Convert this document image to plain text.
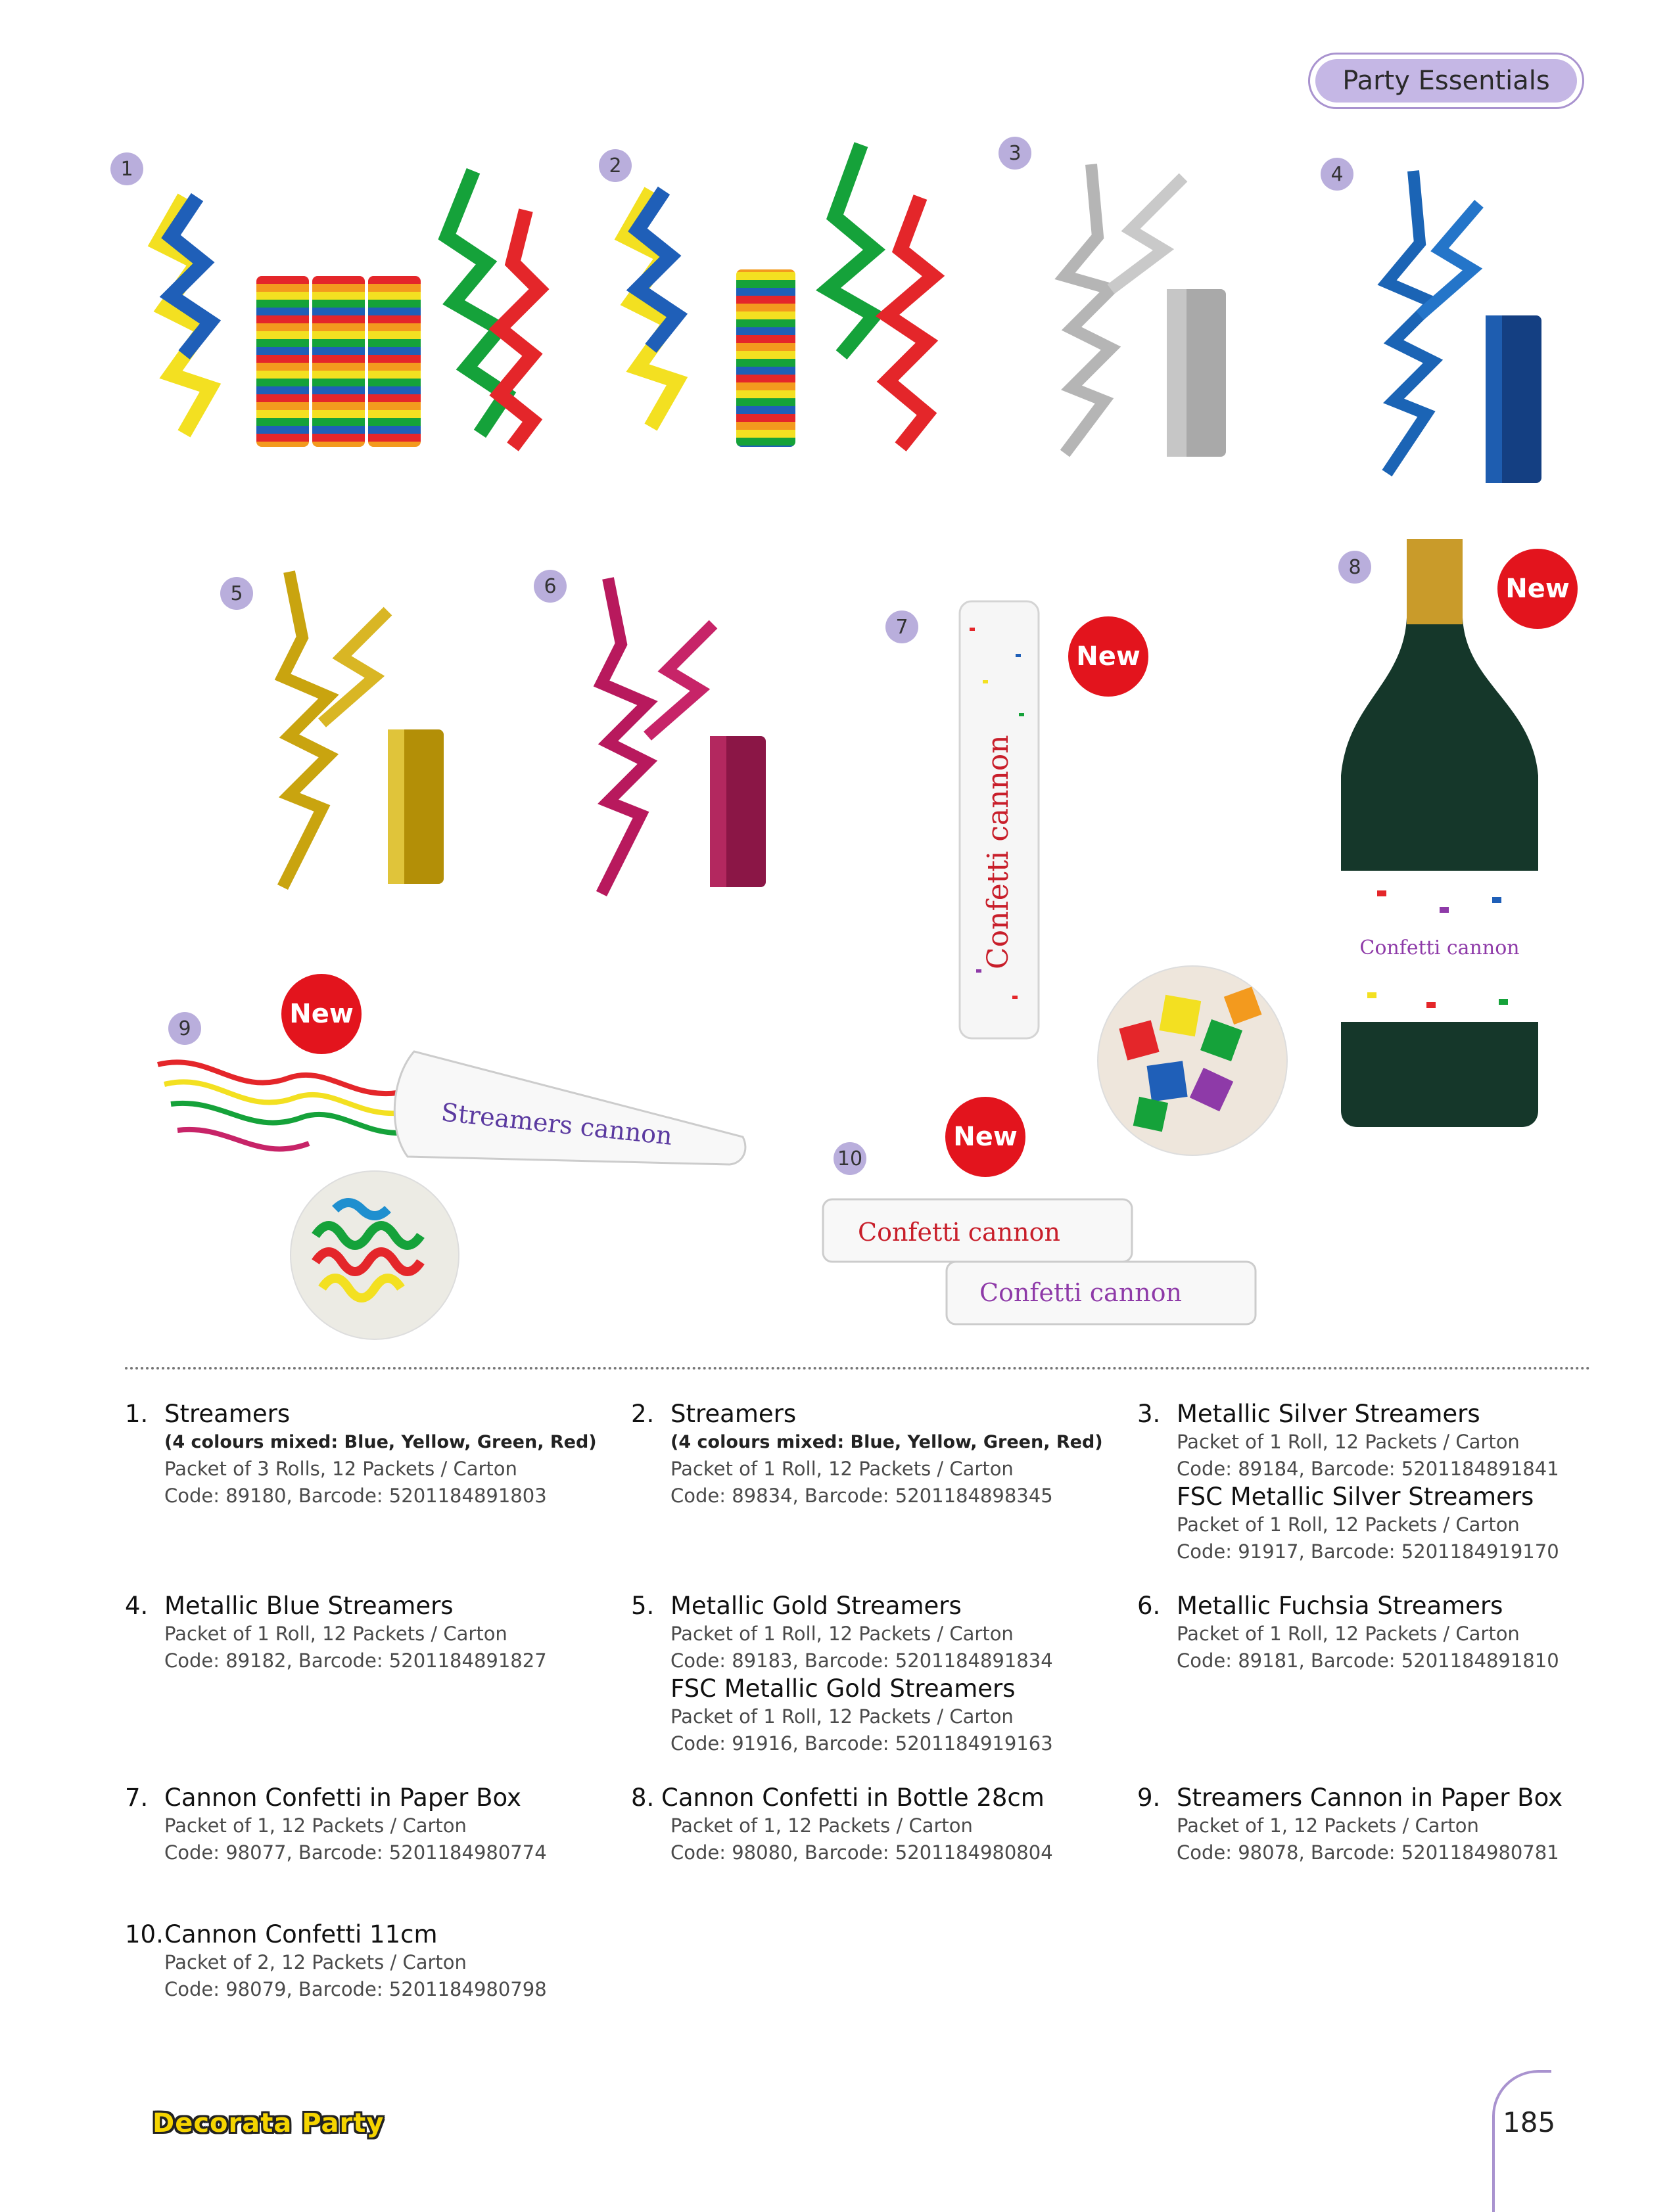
Party Essentials
1	2
3
4
5	6
7
8
9
10
New
New
New
New
Confetti cannon	Confetti cannon
Streamers cannon
Confetti cannon
Confetti cannon
1. Streamers
(4 colours mixed: Blue, Yellow, Green, Red)
Packet of 3 Rolls, 12 Packets / Carton
Code: 89180, Barcode: 5201184891803
2. Streamers
(4 colours mixed: Blue, Yellow, Green, Red)
Packet of 1 Roll, 12 Packets / Carton
Code: 89834, Barcode: 5201184898345
3. Metallic Silver Streamers
Packet of 1 Roll, 12 Packets / Carton
Code: 89184, Barcode: 5201184891841
FSC Metallic Silver Streamers
Packet of 1 Roll, 12 Packets / Carton
Code: 91917, Barcode: 5201184919170
4. Metallic Blue Streamers
Packet of 1 Roll, 12 Packets / Carton
Code: 89182, Barcode: 5201184891827
5. Metallic Gold Streamers
Packet of 1 Roll, 12 Packets / Carton
Code: 89183, Barcode: 5201184891834
FSC Metallic Gold Streamers
Packet of 1 Roll, 12 Packets / Carton
Code: 91916, Barcode: 5201184919163
6. Metallic Fuchsia Streamers
Packet of 1 Roll, 12 Packets / Carton
Code: 89181, Barcode: 5201184891810
7. Cannon Confetti in Paper Box
Packet of 1, 12 Packets / Carton
Code: 98077, Barcode: 5201184980774
8. Cannon Confetti in Bottle 28cm
Packet of 1, 12 Packets / Carton
Code: 98080, Barcode: 5201184980804
9. Streamers Cannon in Paper Box
Packet of 1, 12 Packets / Carton
Code: 98078, Barcode: 5201184980781
10.Cannon Confetti 11cm
Packet of 2, 12 Packets / Carton
Code: 98079, Barcode: 5201184980798
Decorata Party	185
